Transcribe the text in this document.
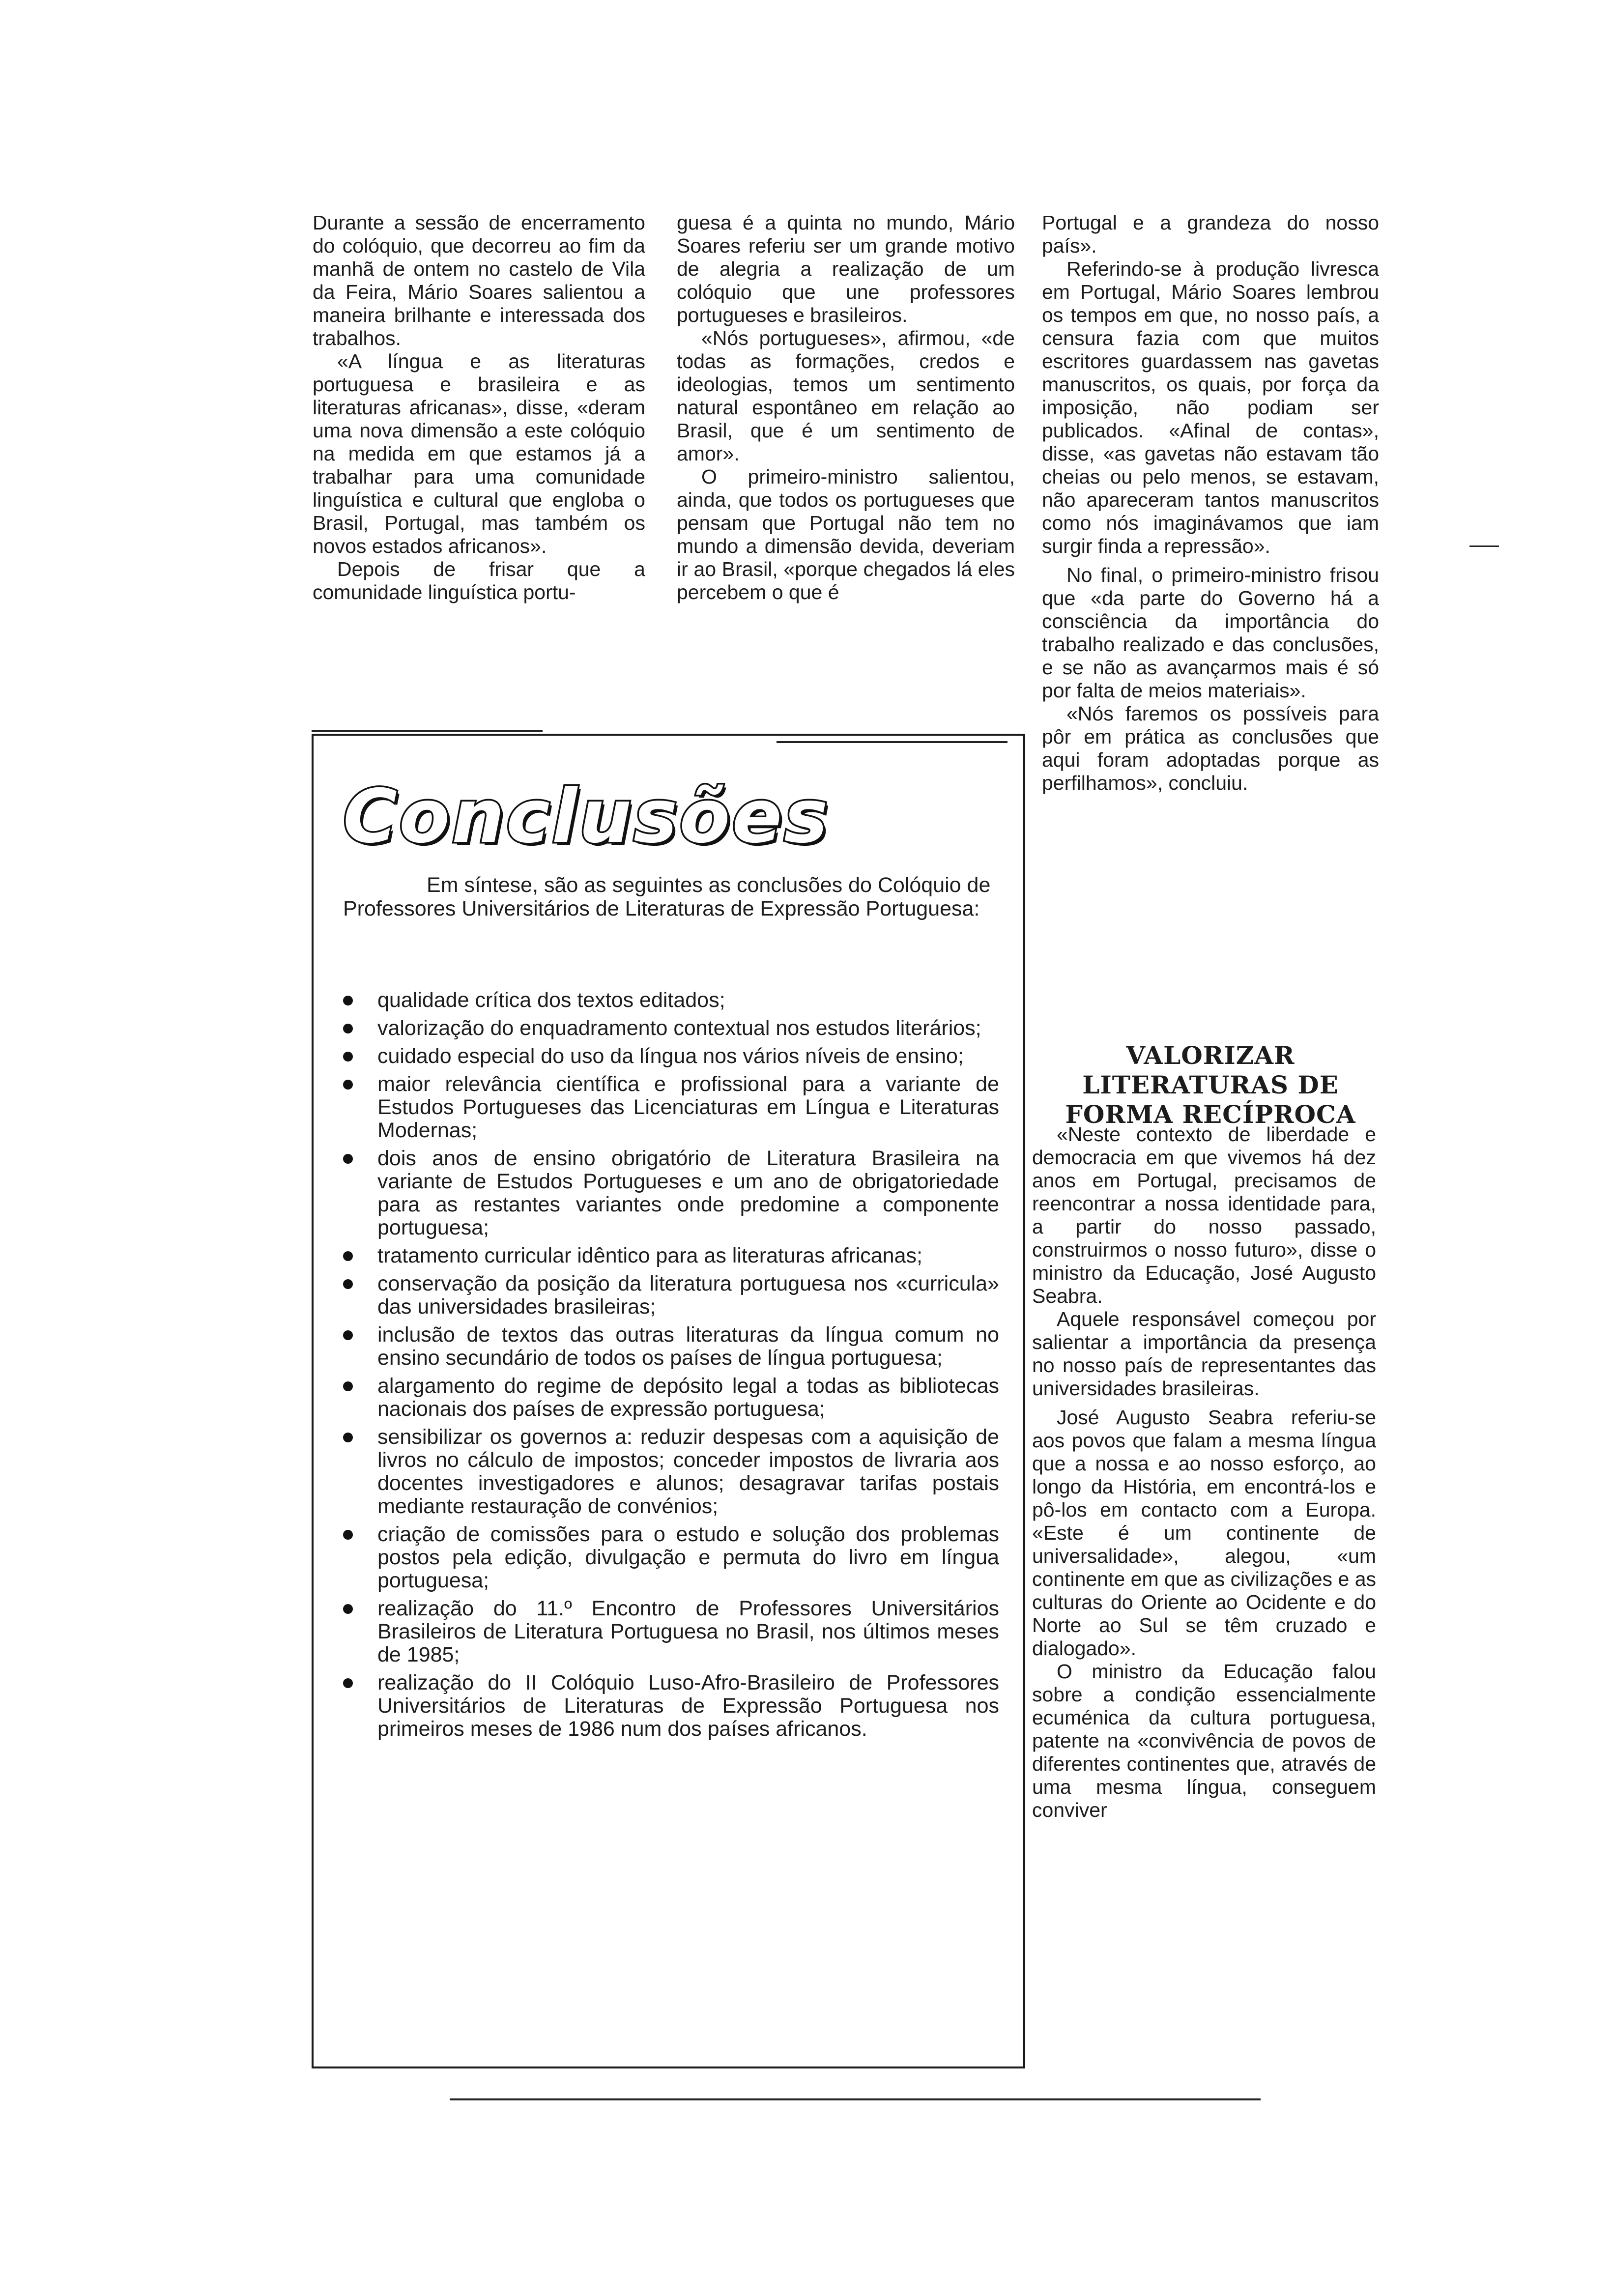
Durante a sessão de encerramento do colóquio, que decorreu ao fim da manhã de ontem no castelo de Vila da Feira, Mário Soares salientou a maneira brilhante e interessada dos trabalhos.

«A língua e as literaturas portuguesa e brasileira e as literaturas africanas», disse, «deram uma nova dimensão a este colóquio na medida em que estamos já a trabalhar para uma comunidade linguística e cultural que engloba o Brasil, Portugal, mas também os novos estados africanos».

Depois de frisar que a comunidade linguística portu-

guesa é a quinta no mundo, Mário Soares referiu ser um grande motivo de alegria a realização de um colóquio que une professores portugueses e brasileiros.

«Nós portugueses», afirmou, «de todas as formações, credos e ideologias, temos um sentimento natural espontâneo em relação ao Brasil, que é um sentimento de amor».

O primeiro-ministro salientou, ainda, que todos os portugueses que pensam que Portugal não tem no mundo a dimensão devida, deveriam ir ao Brasil, «porque chegados lá eles percebem o que é

Portugal e a grandeza do nosso país».

Referindo-se à produção livresca em Portugal, Mário Soares lembrou os tempos em que, no nosso país, a censura fazia com que muitos escritores guardassem nas gavetas manuscritos, os quais, por força da imposição, não podiam ser publicados. «Afinal de contas», disse, «as gavetas não estavam tão cheias ou pelo menos, se estavam, não apareceram tantos manuscritos como nós imaginávamos que iam surgir finda a repressão».

No final, o primeiro-ministro frisou que «da parte do Governo há a consciência da importância do trabalho realizado e das conclusões, e se não as avançarmos mais é só por falta de meios materiais».

«Nós faremos os possíveis para pôr em prática as conclusões que aqui foram adoptadas porque as perfilhamos», concluiu.

VALORIZAR LITERATURAS DE FORMA RECÍPROCA

«Neste contexto de liberdade e democracia em que vivemos há dez anos em Portugal, precisamos de reencontrar a nossa identidade para, a partir do nosso passado, construirmos o nosso futuro», disse o ministro da Educação, José Augusto Seabra.

Aquele responsável começou por salientar a importância da presença no nosso país de representantes das universidades brasileiras.

José Augusto Seabra referiu-se aos povos que falam a mesma língua que a nossa e ao nosso esforço, ao longo da História, em encontrá-los e pô-los em contacto com a Europa. «Este é um continente de universalidade», alegou, «um continente em que as civilizações e as culturas do Oriente ao Ocidente e do Norte ao Sul se têm cruzado e dialogado».

O ministro da Educação falou sobre a condição essencialmente ecuménica da cultura portuguesa, patente na «convivência de povos de diferentes continentes que, através de uma mesma língua, conseguem conviver

Conclusões

Em síntese, são as seguintes as conclusões do Colóquio de Professores Universitários de Literaturas de Expressão Portuguesa:

qualidade crítica dos textos editados;
valorização do enquadramento contextual nos estudos literários;
cuidado especial do uso da língua nos vários níveis de ensino;
maior relevância científica e profissional para a variante de Estudos Portugueses das Licenciaturas em Língua e Literaturas Modernas;
dois anos de ensino obrigatório de Literatura Brasileira na variante de Estudos Portugueses e um ano de obrigatoriedade para as restantes variantes onde predomine a componente portuguesa;
tratamento curricular idêntico para as literaturas africanas;
conservação da posição da literatura portuguesa nos «curricula» das universidades brasileiras;
inclusão de textos das outras literaturas da língua comum no ensino secundário de todos os países de língua portuguesa;
alargamento do regime de depósito legal a todas as bibliotecas nacionais dos países de expressão portuguesa;
sensibilizar os governos a: reduzir despesas com a aquisição de livros no cálculo de impostos; conceder impostos de livraria aos docentes investigadores e alunos; desagravar tarifas postais mediante restauração de convénios;
criação de comissões para o estudo e solução dos problemas postos pela edição, divulgação e permuta do livro em língua portuguesa;
realização do 11.º Encontro de Professores Universitários Brasileiros de Literatura Portuguesa no Brasil, nos últimos meses de 1985;
realização do II Colóquio Luso-Afro-Brasileiro de Professores Universitários de Literaturas de Expressão Portuguesa nos primeiros meses de 1986 num dos países africanos.
